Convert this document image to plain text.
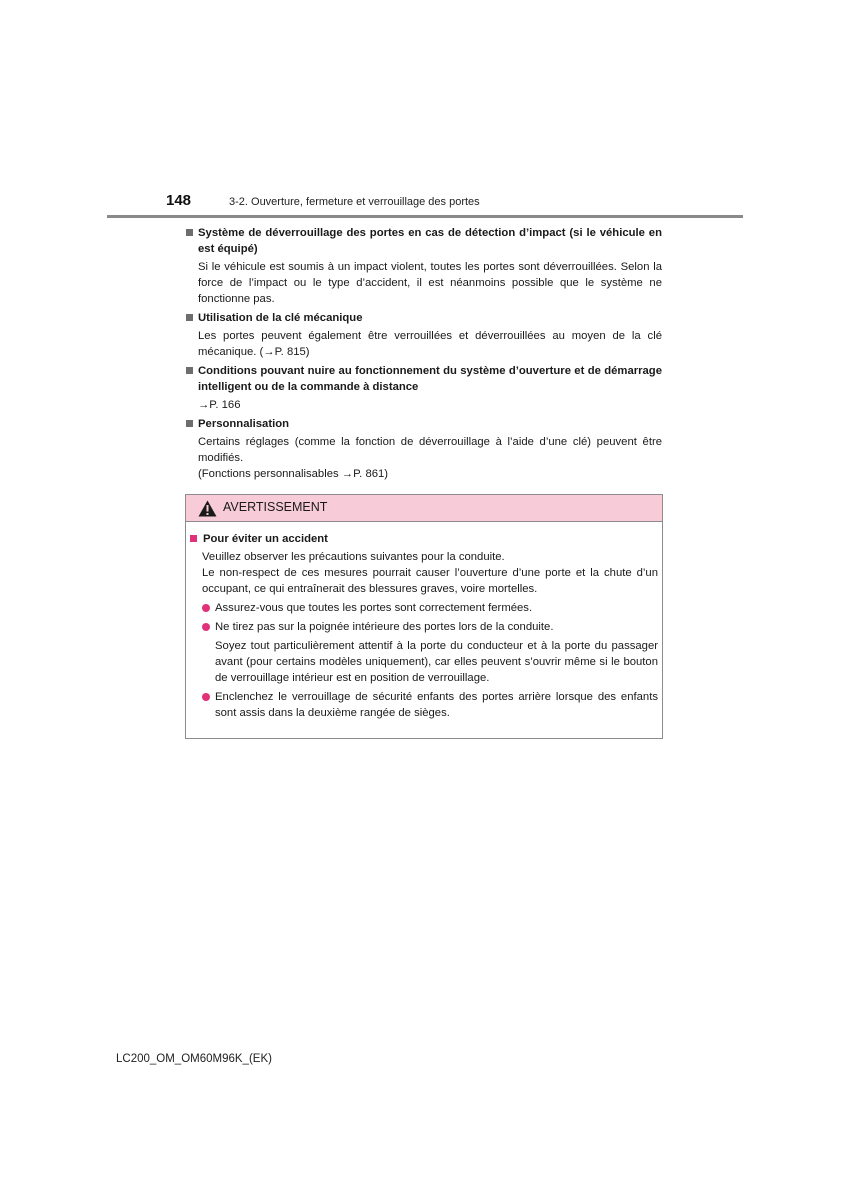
148	3-2. Ouverture, fermeture et verrouillage des portes
Système de déverrouillage des portes en cas de détection d’impact (si le véhicule en est équipé)

Si le véhicule est soumis à un impact violent, toutes les portes sont déverrouillées. Selon la force de l’impact ou le type d’accident, il est néanmoins possible que le système ne fonctionne pas.

Utilisation de la clé mécanique

Les portes peuvent également être verrouillées et déverrouillées au moyen de la clé mécanique. (→P. 815)

Conditions pouvant nuire au fonctionnement du système d’ouverture et de démarrage intelligent ou de la commande à distance

→P. 166

Personnalisation

Certains réglages (comme la fonction de déverrouillage à l’aide d’une clé) peuvent être modifiés.

(Fonctions personnalisables →P. 861)

AVERTISSEMENT
Pour éviter un accident

Veuillez observer les précautions suivantes pour la conduite.

Le non-respect de ces mesures pourrait causer l’ouverture d’une porte et la chute d’un occupant, ce qui entraînerait des blessures graves, voire mortelles.

Assurez-vous que toutes les portes sont correctement fermées.
Ne tirez pas sur la poignée intérieure des portes lors de la conduite.
Soyez tout particulièrement attentif à la porte du conducteur et à la porte du passager avant (pour certains modèles uniquement), car elles peuvent s’ouvrir même si le bouton de verrouillage intérieur est en position de verrouillage.
Enclenchez le verrouillage de sécurité enfants des portes arrière lorsque des enfants sont assis dans la deuxième rangée de sièges.
LC200_OM_OM60M96K_(EK)
